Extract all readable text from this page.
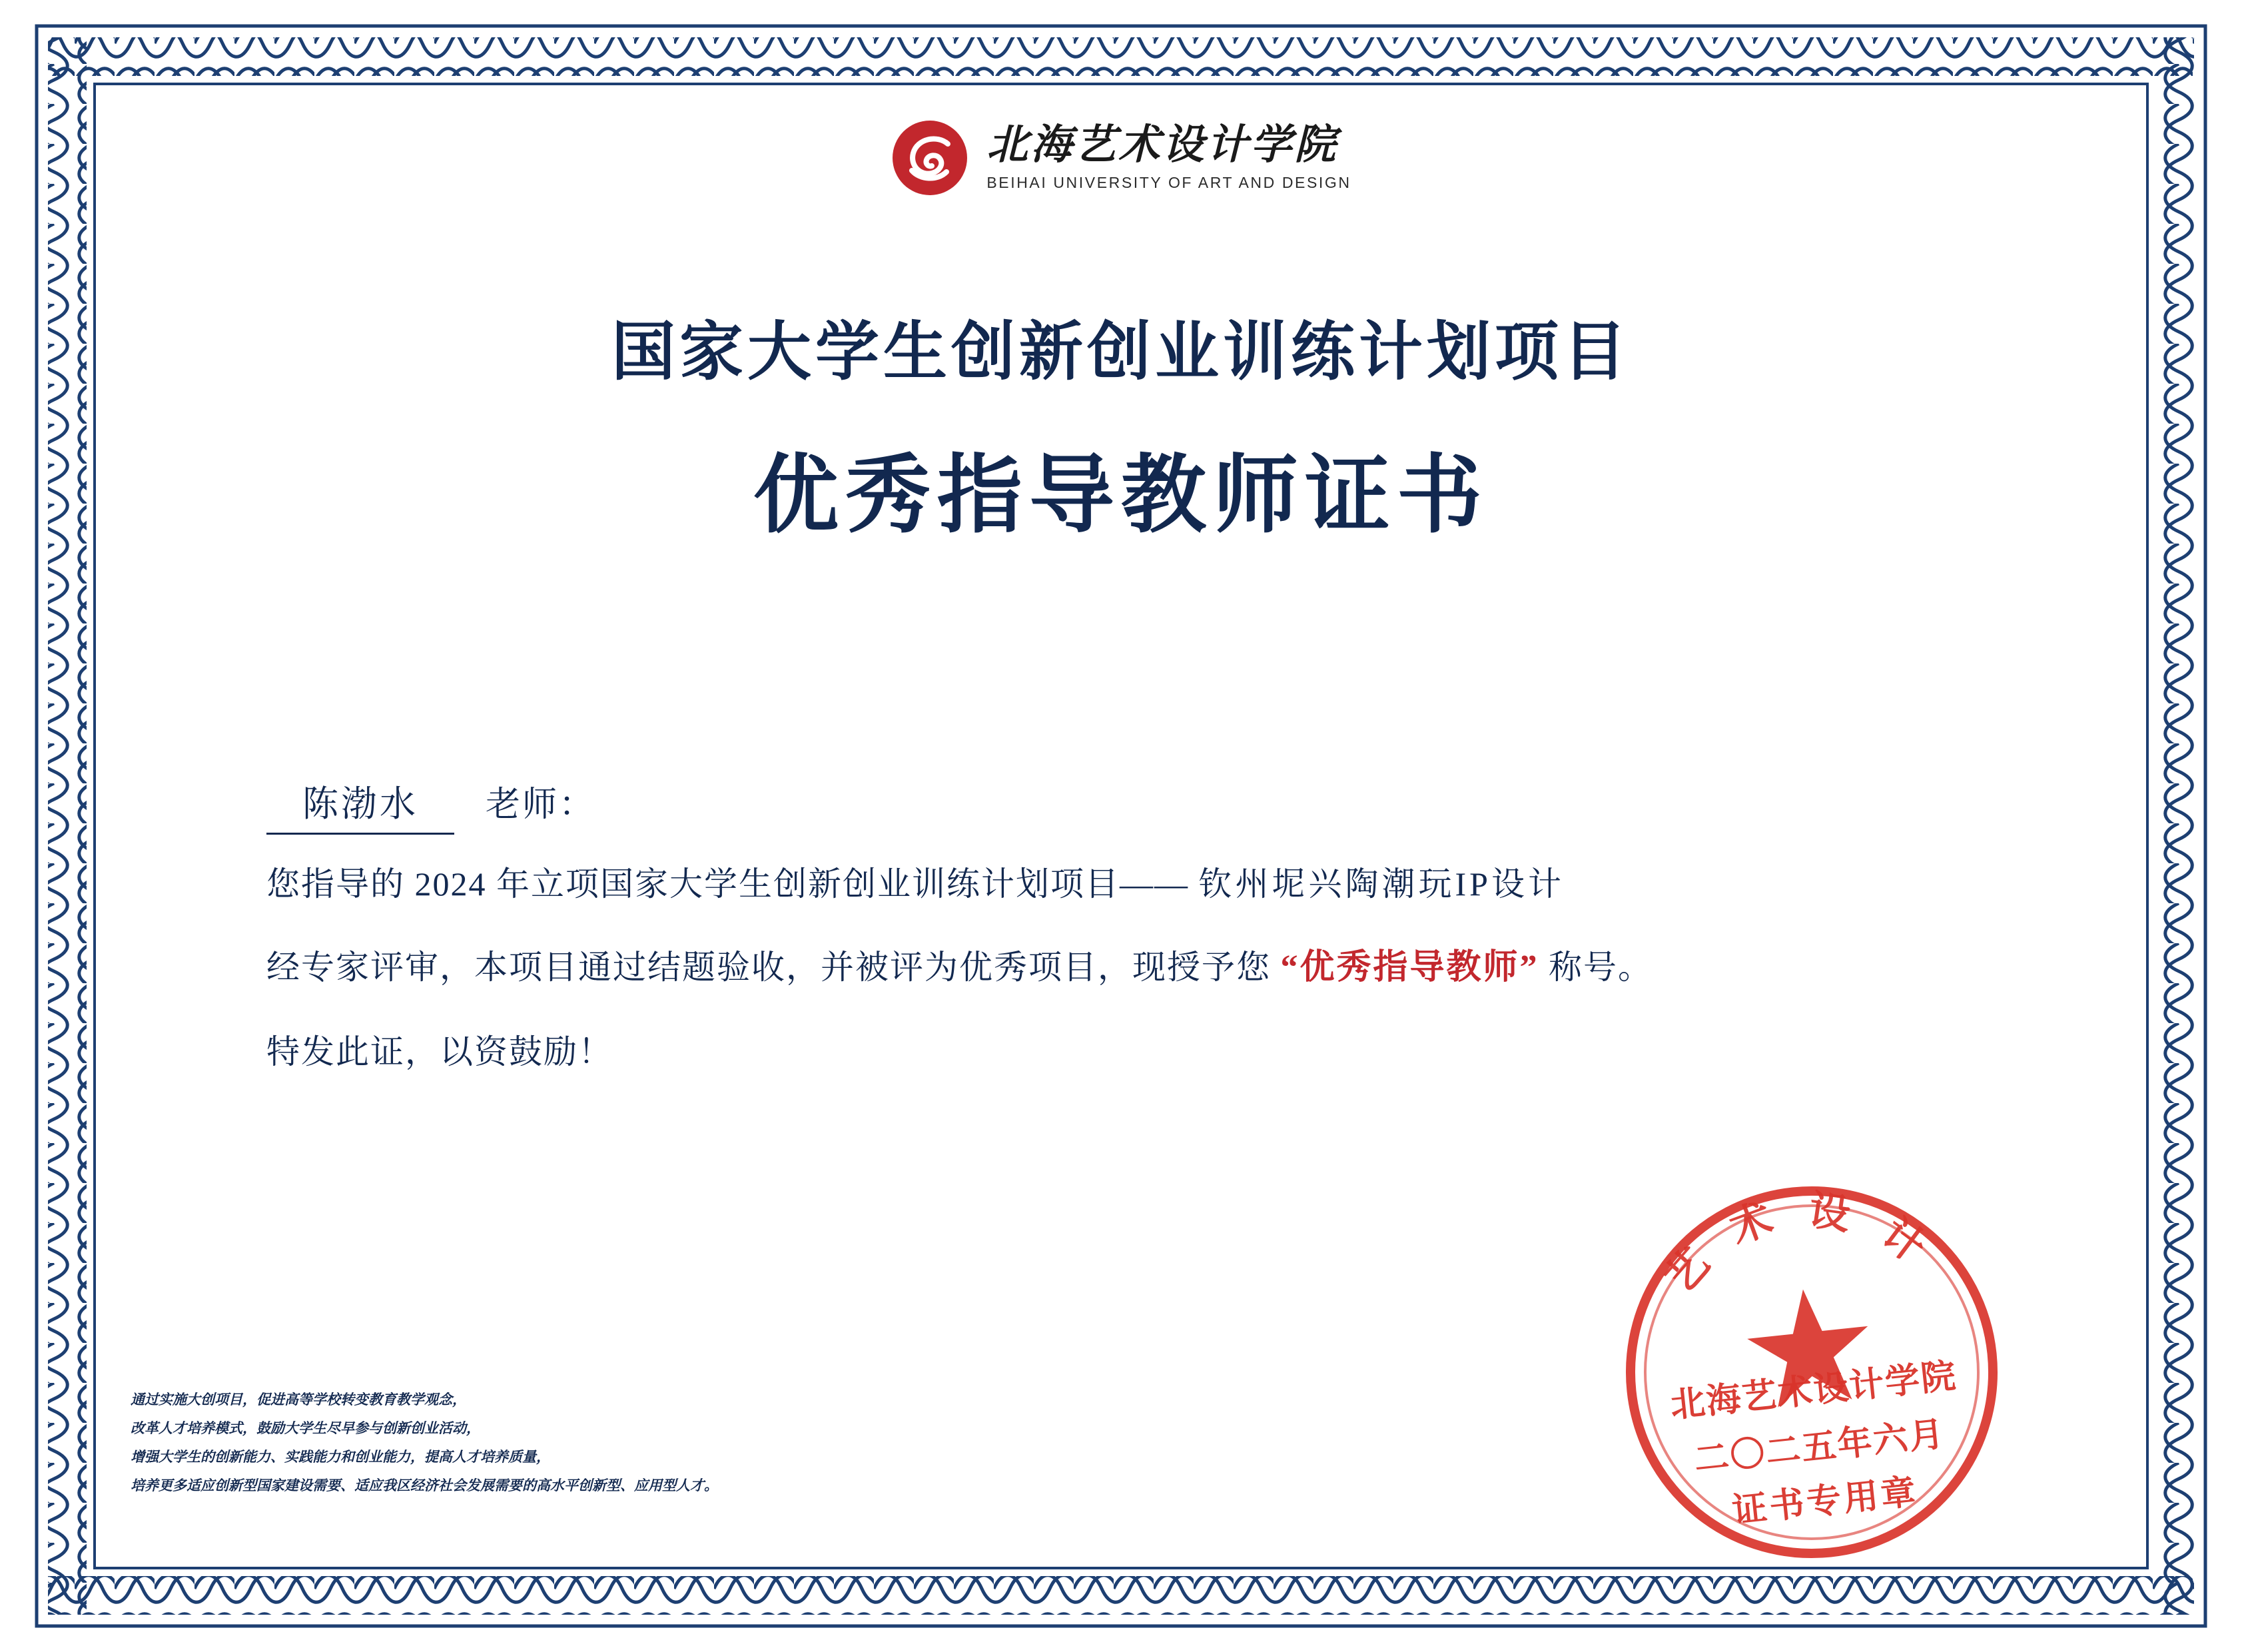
北海艺术设计学院
BEIHAI UNIVERSITY OF ART AND DESIGN
国家大学生创新创业训练计划项目
优秀指导教师证书
陈渤水 老师：
您指导的 2024 年立项国家大学生创新创业训练计划项目—— 钦州坭兴陶潮玩IP设计
经专家评审，本项目通过结题验收，并被评为优秀项目，现授予您 “优秀指导教师” 称号。
特发此证，以资鼓励！
通过实施大创项目，促进高等学校转变教育教学观念，
改革人才培养模式，鼓励大学生尽早参与创新创业活动，
增强大学生的创新能力、实践能力和创业能力，提高人才培养质量，
培养更多适应创新型国家建设需要、适应我区经济社会发展需要的高水平创新型、应用型人才。
艺 术 设 计
北海艺术设计学院
二〇二五年六月
证书专用章
